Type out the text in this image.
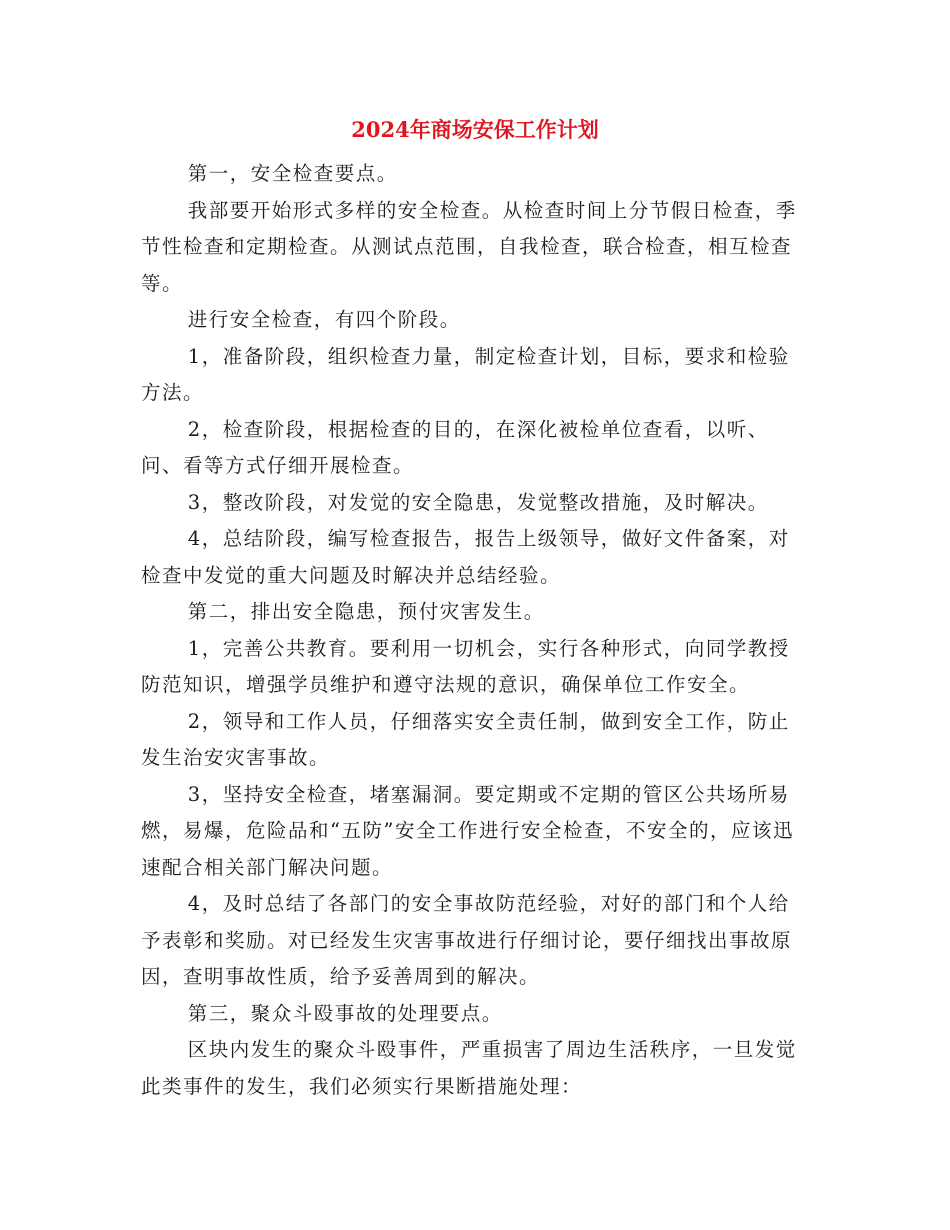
2024年商场安保工作计划

第一，安全检查要点。

我部要开始形式多样的安全检查。从检查时间上分节假日检查，季节性检查和定期检查。从测试点范围，自我检查，联合检查，相互检查等。

进行安全检查，有四个阶段。

1，准备阶段，组织检查力量，制定检查计划，目标，要求和检验方法。

2，检查阶段，根据检查的目的，在深化被检单位查看，以听、问、看等方式仔细开展检查。

3，整改阶段，对发觉的安全隐患，发觉整改措施，及时解决。

4，总结阶段，编写检查报告，报告上级领导，做好文件备案，对检查中发觉的重大问题及时解决并总结经验。

第二，排出安全隐患，预付灾害发生。

1，完善公共教育。要利用一切机会，实行各种形式，向同学教授防范知识，增强学员维护和遵守法规的意识，确保单位工作安全。

2，领导和工作人员，仔细落实安全责任制，做到安全工作，防止发生治安灾害事故。

3，坚持安全检查，堵塞漏洞。要定期或不定期的管区公共场所易燃，易爆，危险品和“五防”安全工作进行安全检查，不安全的，应该迅速配合相关部门解决问题。

4，及时总结了各部门的安全事故防范经验，对好的部门和个人给予表彰和奖励。对已经发生灾害事故进行仔细讨论，要仔细找出事故原因，查明事故性质，给予妥善周到的解决。

第三，聚众斗殴事故的处理要点。

区块内发生的聚众斗殴事件，严重损害了周边生活秩序，一旦发觉此类事件的发生，我们必须实行果断措施处理：
